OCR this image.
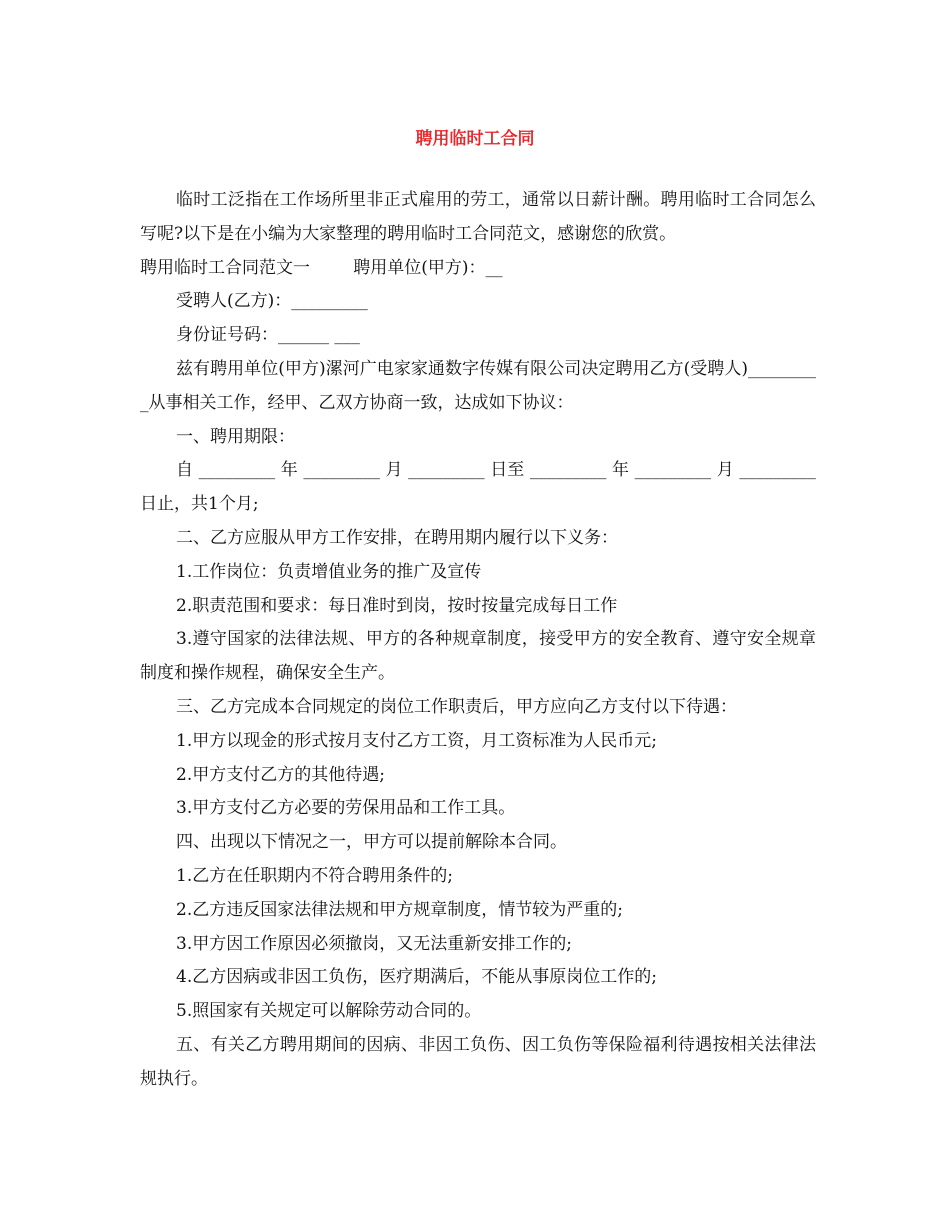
聘用临时工合同

临时工泛指在工作场所里非正式雇用的劳工，通常以日薪计酬。聘用临时工合同怎么写呢?以下是在小编为大家整理的聘用临时工合同范文，感谢您的欣赏。

聘用临时工合同范文一        聘用单位(甲方)：__

受聘人(乙方)：_________

身份证号码：______ ___

兹有聘用单位(甲方)漯河广电家家通数字传媒有限公司决定聘用乙方(受聘人)_________从事相关工作，经甲、乙双方协商一致，达成如下协议：

一、聘用期限：

自 _________ 年 _________ 月 _________ 日至 _________ 年 _________ 月 _________

日止，共1个月;

二、乙方应服从甲方工作安排，在聘用期内履行以下义务：

1.工作岗位：负责增值业务的推广及宣传

2.职责范围和要求：每日准时到岗，按时按量完成每日工作

3.遵守国家的法律法规、甲方的各种规章制度，接受甲方的安全教育、遵守安全规章制度和操作规程，确保安全生产。

三、乙方完成本合同规定的岗位工作职责后，甲方应向乙方支付以下待遇：

1.甲方以现金的形式按月支付乙方工资，月工资标准为人民币元;

2.甲方支付乙方的其他待遇;

3.甲方支付乙方必要的劳保用品和工作工具。

四、出现以下情况之一，甲方可以提前解除本合同。

1.乙方在任职期内不符合聘用条件的;

2.乙方违反国家法律法规和甲方规章制度，情节较为严重的;

3.甲方因工作原因必须撤岗，又无法重新安排工作的;

4.乙方因病或非因工负伤，医疗期满后，不能从事原岗位工作的;

5.照国家有关规定可以解除劳动合同的。

五、有关乙方聘用期间的因病、非因工负伤、因工负伤等保险福利待遇按相关法律法规执行。
